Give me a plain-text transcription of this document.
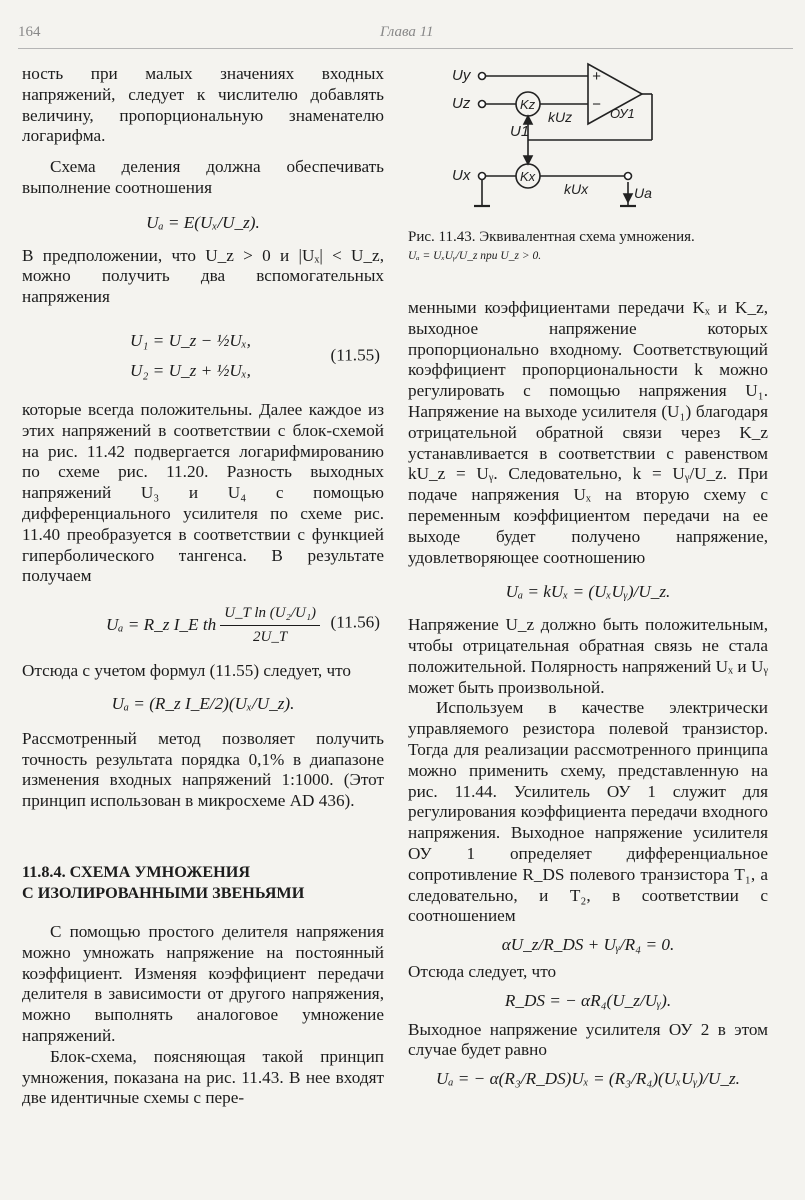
164	Глава 11

ность при малых значениях входных напряжений, следует к числителю добавлять величину, пропорциональную знаменателю логарифма.

Схема деления должна обеспечивать выполнение соотношения

Uₐ = E(Uₓ/U_z).

В предположении, что U_z > 0 и |Uₓ| < U_z, можно получить два вспомогательных напряжения

U₁ = U_z − ½Uₓ,
U₂ = U_z + ½Uₓ,
(11.55)

которые всегда положительны. Далее каждое из этих напряжений в соответствии с блок-схемой на рис. 11.42 подвергается логарифмированию по схеме рис. 11.20. Разность выходных напряжений U₃ и U₄ с помощью дифференциального усилителя по схеме рис. 11.40 преобразуется в соответствии с функцией гиперболического тангенса. В результате получаем

Uₐ = R_z I_E th $\frac{\text{U\_T ln (U₂/U₁)}}{2U\_T} (11.56)$

Отсюда с учетом формул (11.55) следует, что

Uₐ = (R_z I_E/2)(Uₓ/U_z).

Рассмотренный метод позволяет получить точность результата порядка 0,1% в диапазоне изменения входных напряжений 1:1000. (Этот принцип использован в микросхеме AD 436).

11.8.4. СХЕМА УМНОЖЕНИЯ
С ИЗОЛИРОВАННЫМИ ЗВЕНЬЯМИ

С помощью простого делителя напряжения можно умножать напряжение на постоянный коэффициент. Изменяя коэффициент передачи делителя в зависимости от другого напряжения, можно выполнять аналоговое умножение напряжений.

Блок-схема, поясняющая такой принцип умножения, показана на рис. 11.43. В нее входят две идентичные схемы с пере-

Uy
Uz
Ux
U1
Kz
Kx
kUz
kUx	Ua
ОУ1
+
−
Рис. 11.43. Эквивалентная схема умножения.
Uₐ = UₓUᵧ/U_z при U_z > 0.

менными коэффициентами передачи Kₓ и K_z, выходное напряжение которых пропорционально входному. Соответствующий коэффициент пропорциональности k можно регулировать с помощью напряжения U₁. Напряжение на выходе усилителя (U₁) благодаря отрицательной обратной связи через K_z устанавливается в соответствии с равенством kU_z = Uᵧ. Следовательно, k = Uᵧ/U_z. При подаче напряжения Uₓ на вторую схему с переменным коэффициентом передачи на ее выходе будет получено напряжение, удовлетворяющее соотношению

Uₐ = kUₓ = (UₓUᵧ)/U_z.

Напряжение U_z должно быть положительным, чтобы отрицательная обратная связь не стала положительной. Полярность напряжений Uₓ и Uᵧ может быть произвольной.

Используем в качестве электрически управляемого резистора полевой транзистор. Тогда для реализации рассмотренного принципа можно применить схему, представленную на рис. 11.44. Усилитель ОУ 1 служит для регулирования коэффициента передачи входного напряжения. Выходное напряжение усилителя ОУ 1 определяет дифференциальное сопротивление R_DS полевого транзистора T₁, а следовательно, и T₂, в соответствии с соотношением

αU_z/R_DS + Uᵧ/R₄ = 0.

Отсюда следует, что

R_DS = − αR₄(U_z/Uᵧ).

Выходное напряжение усилителя ОУ 2 в этом случае будет равно

Uₐ = − α(R₃/R_DS)Uₓ = (R₃/R₄)(UₓUᵧ)/U_z.
